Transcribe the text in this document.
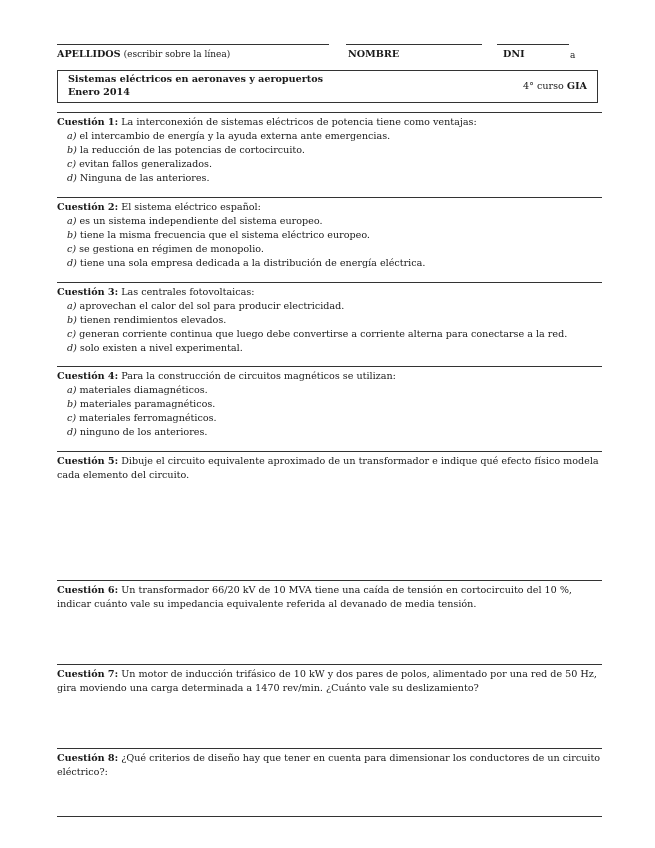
APELLIDOS (escribir sobre la línea)	NOMBRE	DNI	a
Sistemas eléctricos en aeronaves y aeropuertos
Enero 2014
4° curso GIA

Cuestión 1: La interconexión de sistemas eléctricos de potencia tiene como ventajas:

a) el intercambio de energía y la ayuda externa ante emergencias.

b) la reducción de las potencias de cortocircuito.

c) evitan fallos generalizados.

d) Ninguna de las anteriores.

Cuestión 2: El sistema eléctrico español:

a) es un sistema independiente del sistema europeo.

b) tiene la misma frecuencia que el sistema eléctrico europeo.

c) se gestiona en régimen de monopolio.

d) tiene una sola empresa dedicada a la distribución de energía eléctrica.

Cuestión 3: Las centrales fotovoltaicas:

a) aprovechan el calor del sol para producir electricidad.

b) tienen rendimientos elevados.

c) generan corriente continua que luego debe convertirse a corriente alterna para conectarse a la red.

d) solo existen a nivel experimental.

Cuestión 4: Para la construcción de circuitos magnéticos se utilizan:

a) materiales diamagnéticos.

b) materiales paramagnéticos.

c) materiales ferromagnéticos.

d) ninguno de los anteriores.

Cuestión 5: Dibuje el circuito equivalente aproximado de un transformador e indique qué efecto físico modela cada elemento del circuito.

Cuestión 6: Un transformador 66/20 kV de 10 MVA tiene una caída de tensión en cortocircuito del 10 %, indicar cuánto vale su impedancia equivalente referida al devanado de media tensión.

Cuestión 7: Un motor de inducción trifásico de 10 kW y dos pares de polos, alimentado por una red de 50 Hz, gira moviendo una carga determinada a 1470 rev/min. ¿Cuánto vale su deslizamiento?

Cuestión 8: ¿Qué criterios de diseño hay que tener en cuenta para dimensionar los conductores de un circuito eléctrico?:
